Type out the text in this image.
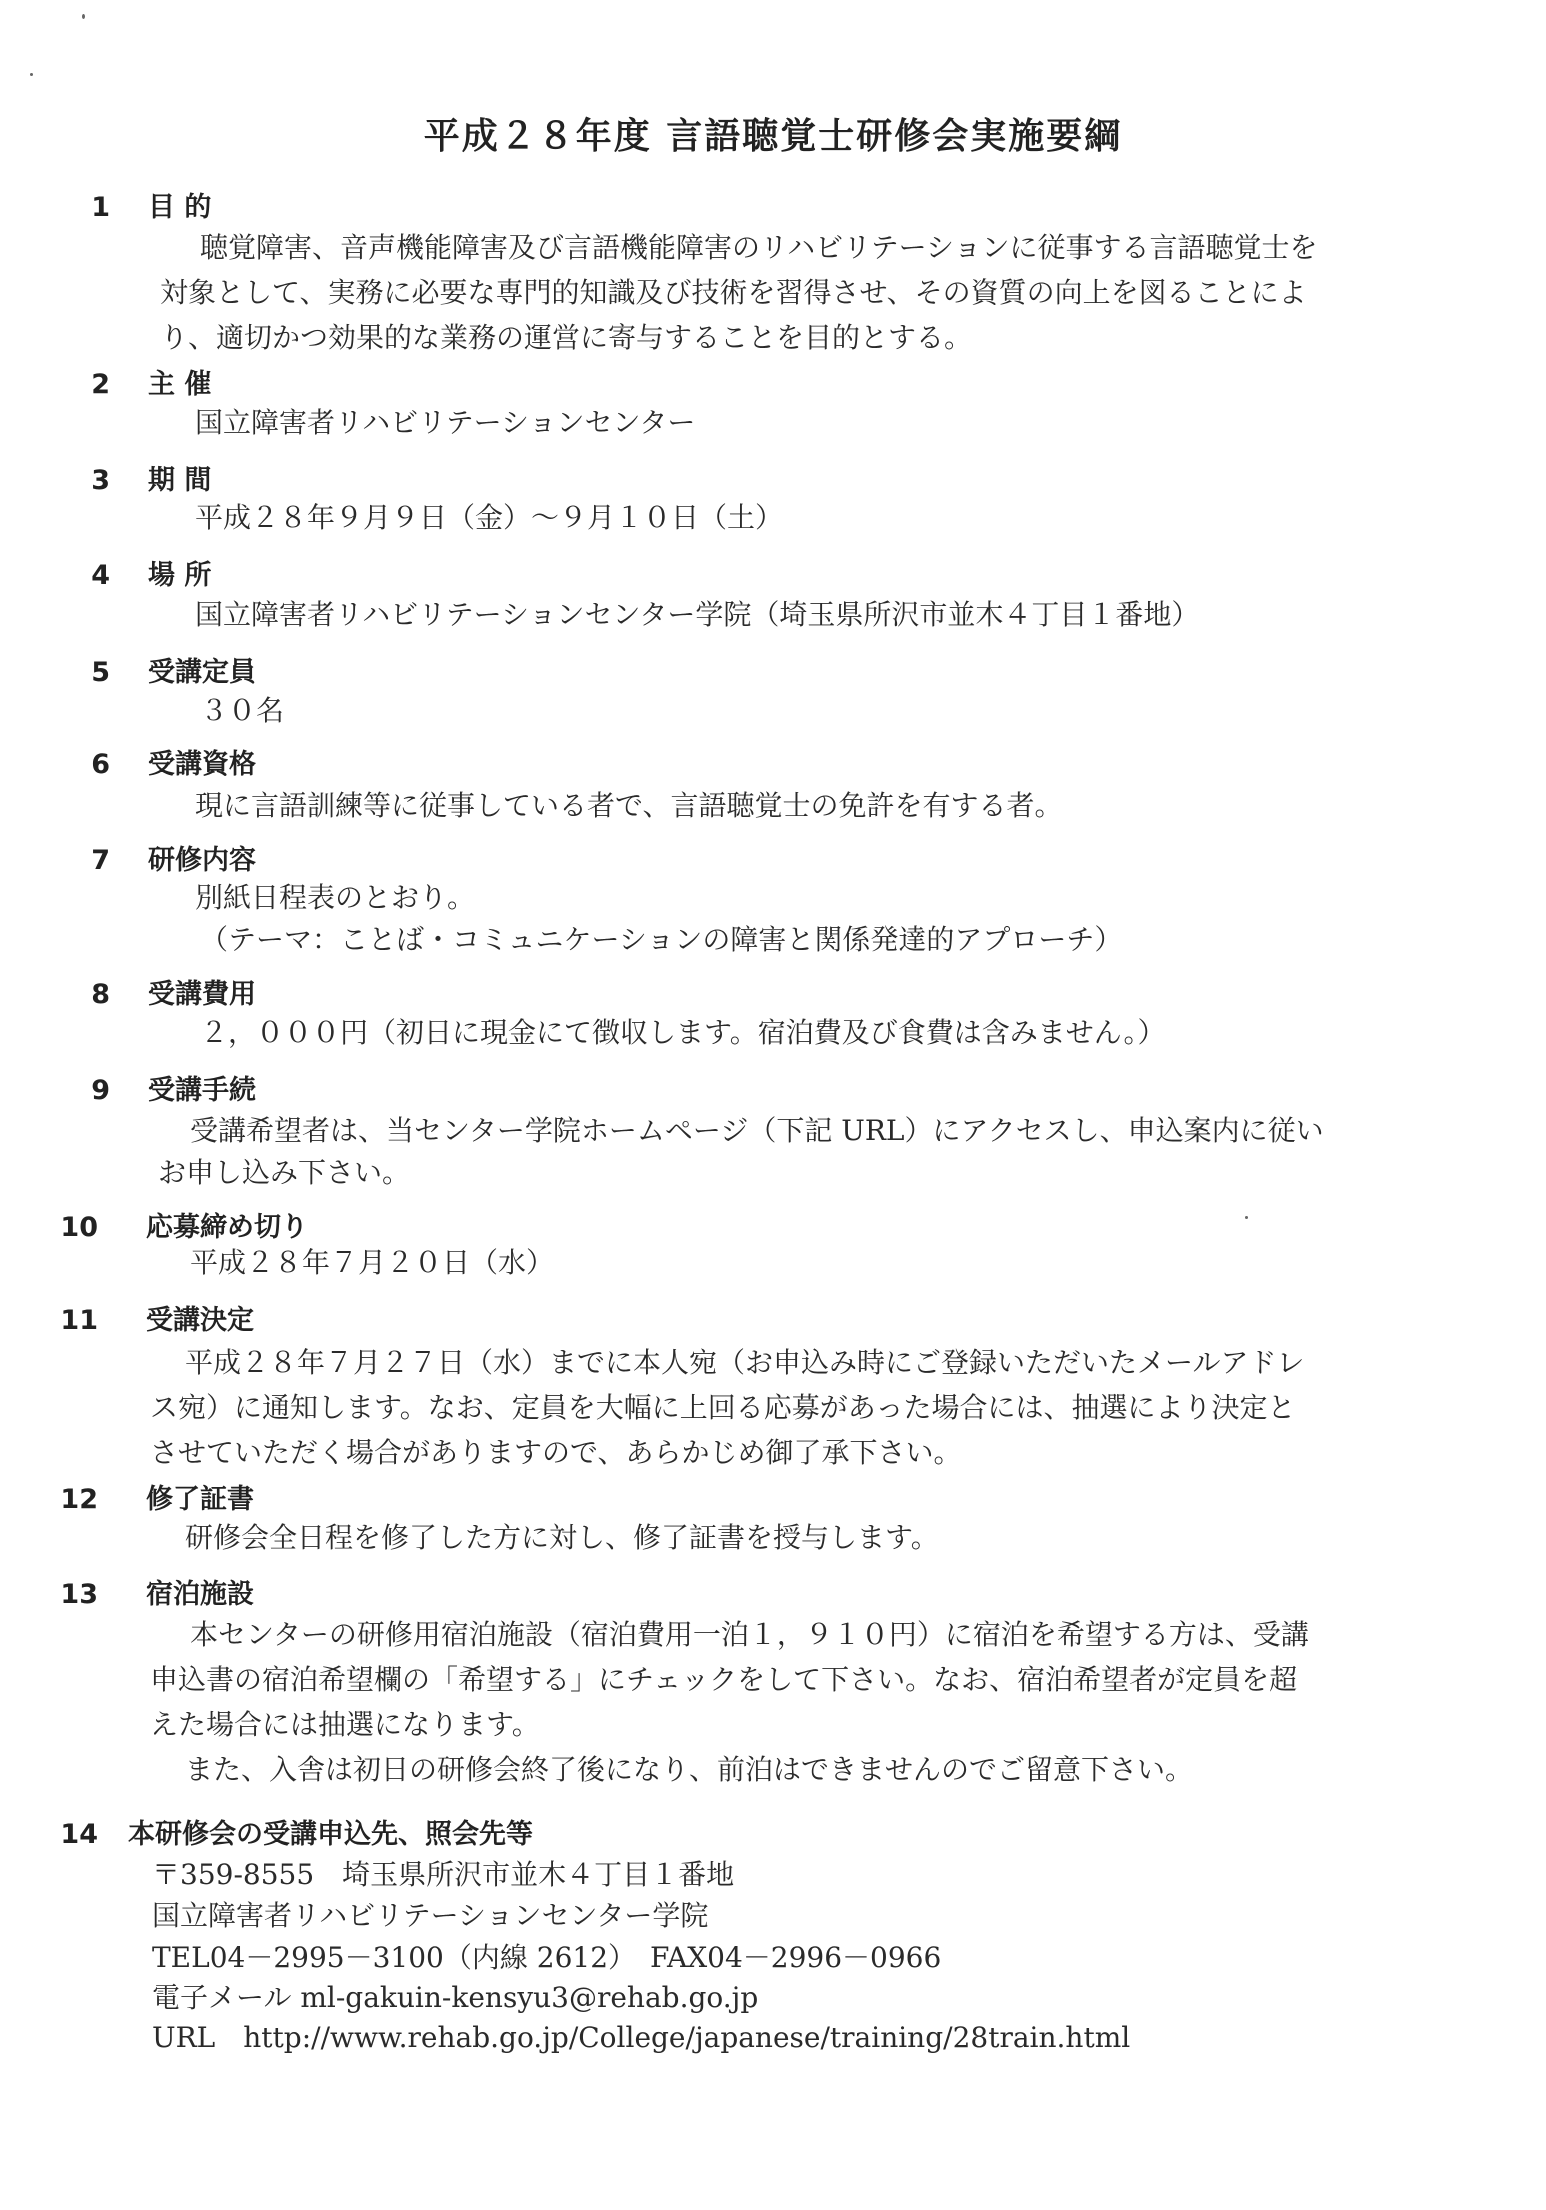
平成２８年度 言語聴覚士研修会実施要綱
1 目 的
聴覚障害、音声機能障害及び言語機能障害のリハビリテーションに従事する言語聴覚士を
対象として、実務に必要な専門的知識及び技術を習得させ、その資質の向上を図ることによ
り、適切かつ効果的な業務の運営に寄与することを目的とする。
2 主 催
国立障害者リハビリテーションセンター
3 期 間
平成２８年９月９日（金）～９月１０日（土）
4 場 所
国立障害者リハビリテーションセンター学院（埼玉県所沢市並木４丁目１番地）
5 受講定員
３０名
6 受講資格
現に言語訓練等に従事している者で、言語聴覚士の免許を有する者。
7 研修内容
別紙日程表のとおり。
（テーマ：ことば・コミュニケーションの障害と関係発達的アプローチ）
8 受講費用
２，０００円（初日に現金にて徴収します。宿泊費及び食費は含みません。）
9 受講手続
受講希望者は、当センター学院ホームページ（下記 URL）にアクセスし、申込案内に従い
お申し込み下さい。
10 応募締め切り
平成２８年７月２０日（水）
11 受講決定
平成２８年７月２７日（水）までに本人宛（お申込み時にご登録いただいたメールアドレ
ス宛）に通知します。なお、定員を大幅に上回る応募があった場合には、抽選により決定と
させていただく場合がありますので、あらかじめ御了承下さい。
12 修了証書
研修会全日程を修了した方に対し、修了証書を授与します。
13 宿泊施設
本センターの研修用宿泊施設（宿泊費用一泊１，９１０円）に宿泊を希望する方は、受講
申込書の宿泊希望欄の「希望する」にチェックをして下さい。なお、宿泊希望者が定員を超
えた場合には抽選になります。
また、入舎は初日の研修会終了後になり、前泊はできませんのでご留意下さい。
14 本研修会の受講申込先、照会先等
〒359-8555　埼玉県所沢市並木４丁目１番地
国立障害者リハビリテーションセンター学院
TEL04－2995－3100（内線 2612）　FAX04－2996－0966
電子メール ml-gakuin-kensyu3@rehab.go.jp
URL　http://www.rehab.go.jp/College/japanese/training/28train.html
